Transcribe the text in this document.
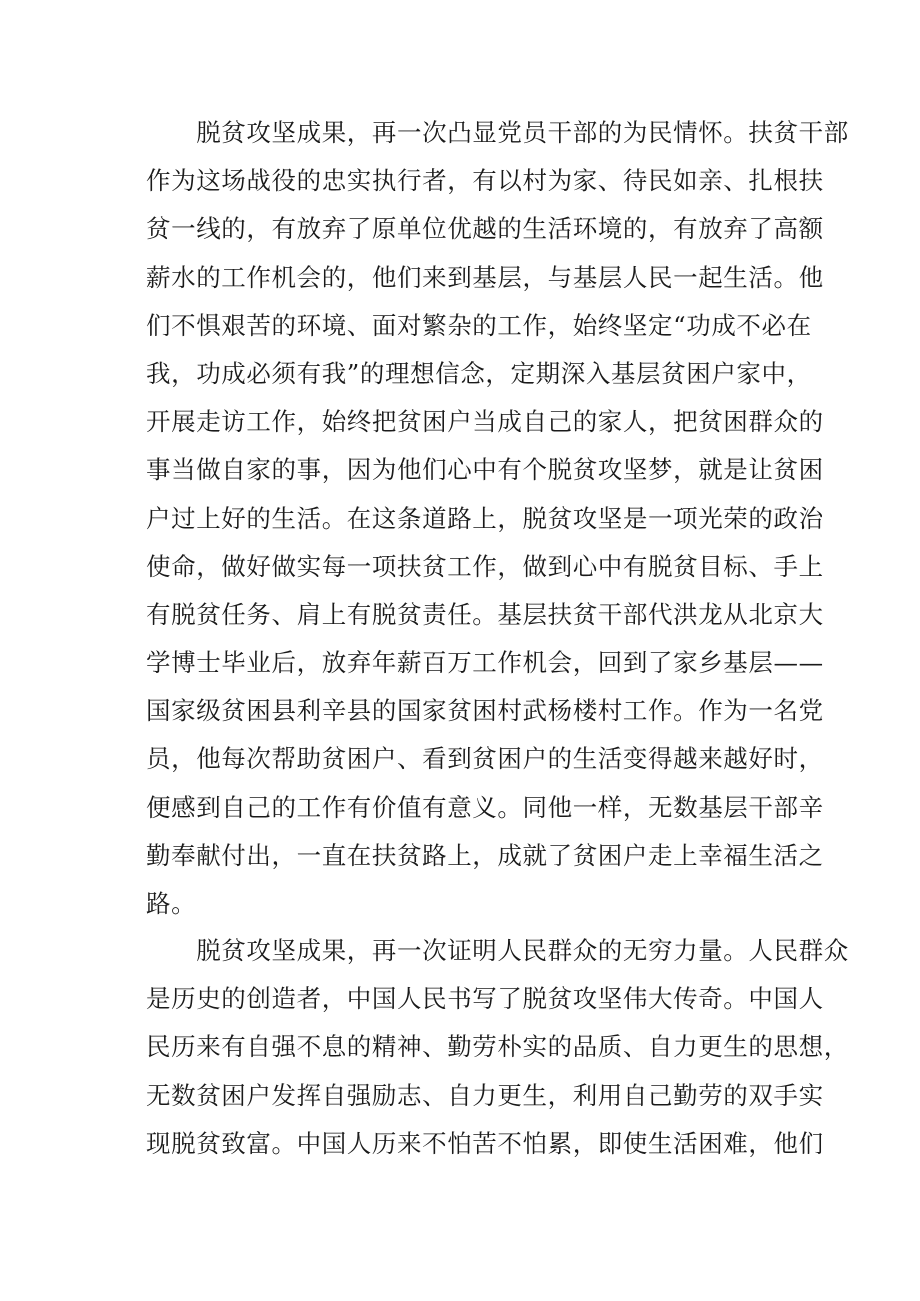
　　脱贫攻坚成果，再一次凸显党员干部的为民情怀。扶贫干部
作为这场战役的忠实执行者，有以村为家、待民如亲、扎根扶
贫一线的，有放弃了原单位优越的生活环境的，有放弃了高额
薪水的工作机会的，他们来到基层，与基层人民一起生活。他
们不惧艰苦的环境、面对繁杂的工作，始终坚定“功成不必在
我，功成必须有我”的理想信念，定期深入基层贫困户家中，
开展走访工作，始终把贫困户当成自己的家人，把贫困群众的
事当做自家的事，因为他们心中有个脱贫攻坚梦，就是让贫困
户过上好的生活。在这条道路上，脱贫攻坚是一项光荣的政治
使命，做好做实每一项扶贫工作，做到心中有脱贫目标、手上
有脱贫任务、肩上有脱贫责任。基层扶贫干部代洪龙从北京大
学博士毕业后，放弃年薪百万工作机会，回到了家乡基层——
国家级贫困县利辛县的国家贫困村武杨楼村工作。作为一名党
员，他每次帮助贫困户、看到贫困户的生活变得越来越好时，
便感到自己的工作有价值有意义。同他一样，无数基层干部辛
勤奉献付出，一直在扶贫路上，成就了贫困户走上幸福生活之
路。
　　脱贫攻坚成果，再一次证明人民群众的无穷力量。人民群众
是历史的创造者，中国人民书写了脱贫攻坚伟大传奇。中国人
民历来有自强不息的精神、勤劳朴实的品质、自力更生的思想，
无数贫困户发挥自强励志、自力更生，利用自己勤劳的双手实
现脱贫致富。中国人历来不怕苦不怕累，即使生活困难，他们
